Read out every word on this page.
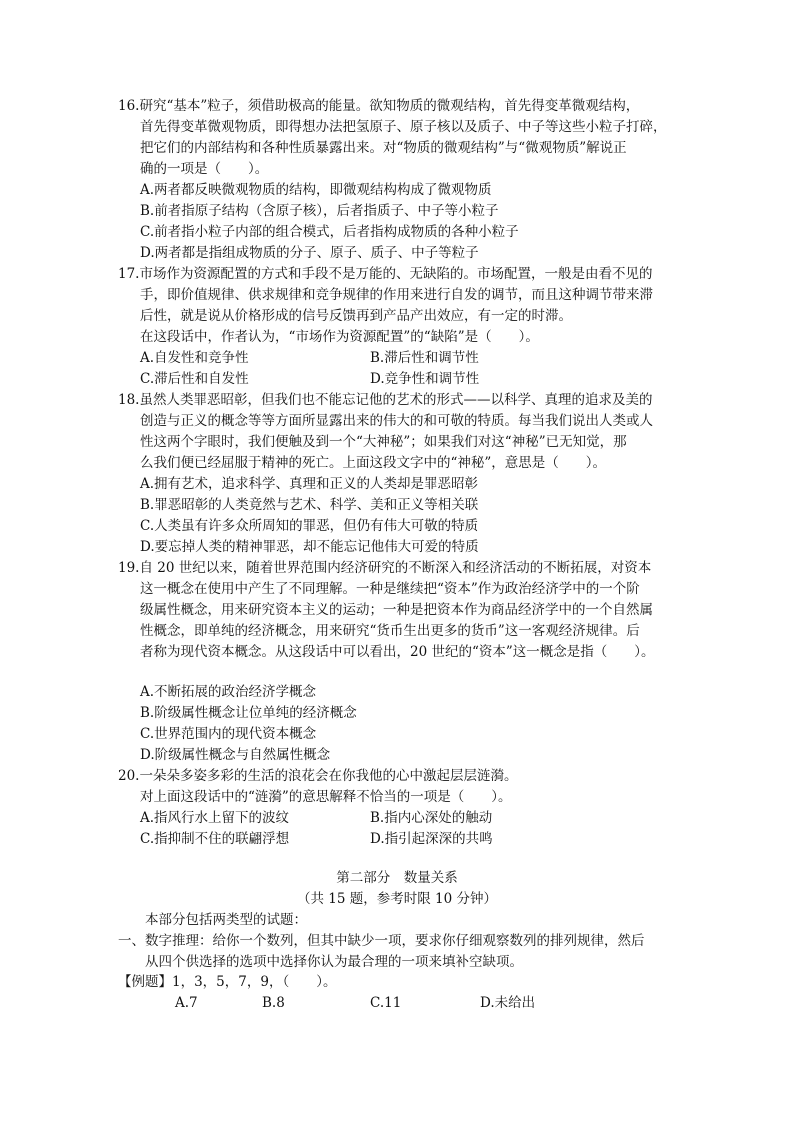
16.研究“基本”粒子，须借助极高的能量。欲知物质的微观结构，首先得变革微观结构，
首先得变革微观物质，即得想办法把氢原子、原子核以及质子、中子等这些小粒子打碎，
把它们的内部结构和各种性质暴露出来。对“物质的微观结构”与“微观物质”解说正
确的一项是（　　）。
A.两者都反映微观物质的结构，即微观结构构成了微观物质
B.前者指原子结构（含原子核），后者指质子、中子等小粒子
C.前者指小粒子内部的组合模式，后者指构成物质的各种小粒子
D.两者都是指组成物质的分子、原子、质子、中子等粒子
17.市场作为资源配置的方式和手段不是万能的、无缺陷的。市场配置，一般是由看不见的
手，即价值规律、供求规律和竞争规律的作用来进行自发的调节，而且这种调节带来滞
后性，就是说从价格形成的信号反馈再到产品产出效应，有一定的时滞。
在这段话中，作者认为，“市场作为资源配置”的“缺陷”是（　　）。
A.自发性和竞争性	B.滞后性和调节性
C.滞后性和自发性	D.竞争性和调节性
18.虽然人类罪恶昭彰，但我们也不能忘记他的艺术的形式——以科学、真理的追求及美的
创造与正义的概念等等方面所显露出来的伟大的和可敬的特质。每当我们说出人类或人
性这两个字眼时，我们便触及到一个“大神秘”；如果我们对这“神秘”已无知觉，那
么我们便已经屈服于精神的死亡。上面这段文字中的“神秘”，意思是（　　）。
A.拥有艺术，追求科学、真理和正义的人类却是罪恶昭彰
B.罪恶昭彰的人类竟然与艺术、科学、美和正义等相关联
C.人类虽有许多众所周知的罪恶，但仍有伟大可敬的特质
D.要忘掉人类的精神罪恶，却不能忘记他伟大可爱的特质
19.自 20 世纪以来，随着世界范围内经济研究的不断深入和经济活动的不断拓展，对资本
这一概念在使用中产生了不同理解。一种是继续把“资本”作为政治经济学中的一个阶
级属性概念，用来研究资本主义的运动；一种是把资本作为商品经济学中的一个自然属
性概念，即单纯的经济概念，用来研究“货币生出更多的货币”这一客观经济规律。后
者称为现代资本概念。从这段话中可以看出，20 世纪的“资本”这一概念是指（　　）。
A.不断拓展的政治经济学概念
B.阶级属性概念让位单纯的经济概念
C.世界范围内的现代资本概念
D.阶级属性概念与自然属性概念
20.一朵朵多姿多彩的生活的浪花会在你我他的心中激起层层涟漪。
对上面这段话中的“涟漪”的意思解释不恰当的一项是（　　）。
A.指风行水上留下的波纹	B.指内心深处的触动
C.指抑制不住的联翩浮想	D.指引起深深的共鸣
第二部分　数量关系
（共 15 题，参考时限 10 分钟）
本部分包括两类型的试题：
一、数字推理：给你一个数列，但其中缺少一项，要求你仔细观察数列的排列规律，然后
从四个供选择的选项中选择你认为最合理的一项来填补空缺项。
【例题】1，3，5，7，9，（　　）。
A.7	B.8	C.11	D.未给出
